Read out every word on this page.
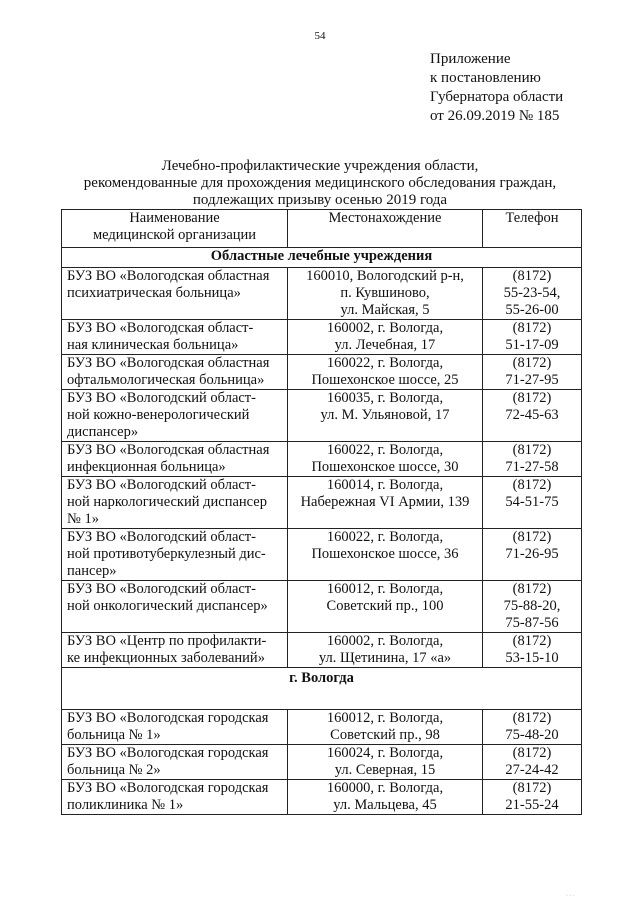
54
Приложение
к постановлению
Губернатора области
от 26.09.2019 № 185
Лечебно-профилактические учреждения области,
рекомендованные для прохождения медицинского обследования граждан,
подлежащих призыву осенью 2019 года
Наименование
медицинской организации	Местонахождение	Телефон
Областные лечебные учреждения		

БУЗ ВО «Вологодская областная
психиатрическая больница»	160010, Вологодский р-н,
п. Кувшиново,
ул. Майская, 5	(8172)
55-23-54,
55-26-00

БУЗ ВО «Вологодская област-
ная клиническая больница»	160002, г. Вологда,
ул. Лечебная, 17	(8172)
51-17-09

БУЗ ВО «Вологодская областная
офтальмологическая больница»	160022, г. Вологда,
Пошехонское шоссе, 25	(8172)
71-27-95

БУЗ ВО «Вологодский област-
ной кожно-венерологический
диспансер»	160035, г. Вологда,
ул. М. Ульяновой, 17	(8172)
72-45-63

БУЗ ВО «Вологодская областная
инфекционная больница»	160022, г. Вологда,
Пошехонское шоссе, 30	(8172)
71-27-58

БУЗ ВО «Вологодский област-
ной наркологический диспансер
№ 1»	160014, г. Вологда,
Набережная VI Армии, 139	(8172)
54-51-75

БУЗ ВО «Вологодский област-
ной противотуберкулезный дис-
пансер»	160022, г. Вологда,
Пошехонское шоссе, 36	(8172)
71-26-95

БУЗ ВО «Вологодский област-
ной онкологический диспансер»	160012, г. Вологда,
Советский пр., 100	(8172)
75-88-20,
75-87-56

БУЗ ВО «Центр по профилакти-
ке инфекционных заболеваний»	160002, г. Вологда,
ул. Щетинина, 17 «а»	(8172)
53-15-10

г. Вологда		

БУЗ ВО «Вологодская городская
больница № 1»	160012, г. Вологда,
Советский пр., 98	(8172)
75-48-20

БУЗ ВО «Вологодская городская
больница № 2»	160024, г. Вологда,
ул. Северная, 15	(8172)
27-24-42

БУЗ ВО «Вологодская городская
поликлиника № 1»	160000, г. Вологда,
ул. Мальцева, 45	(8172)
21-55-24
· · ·
